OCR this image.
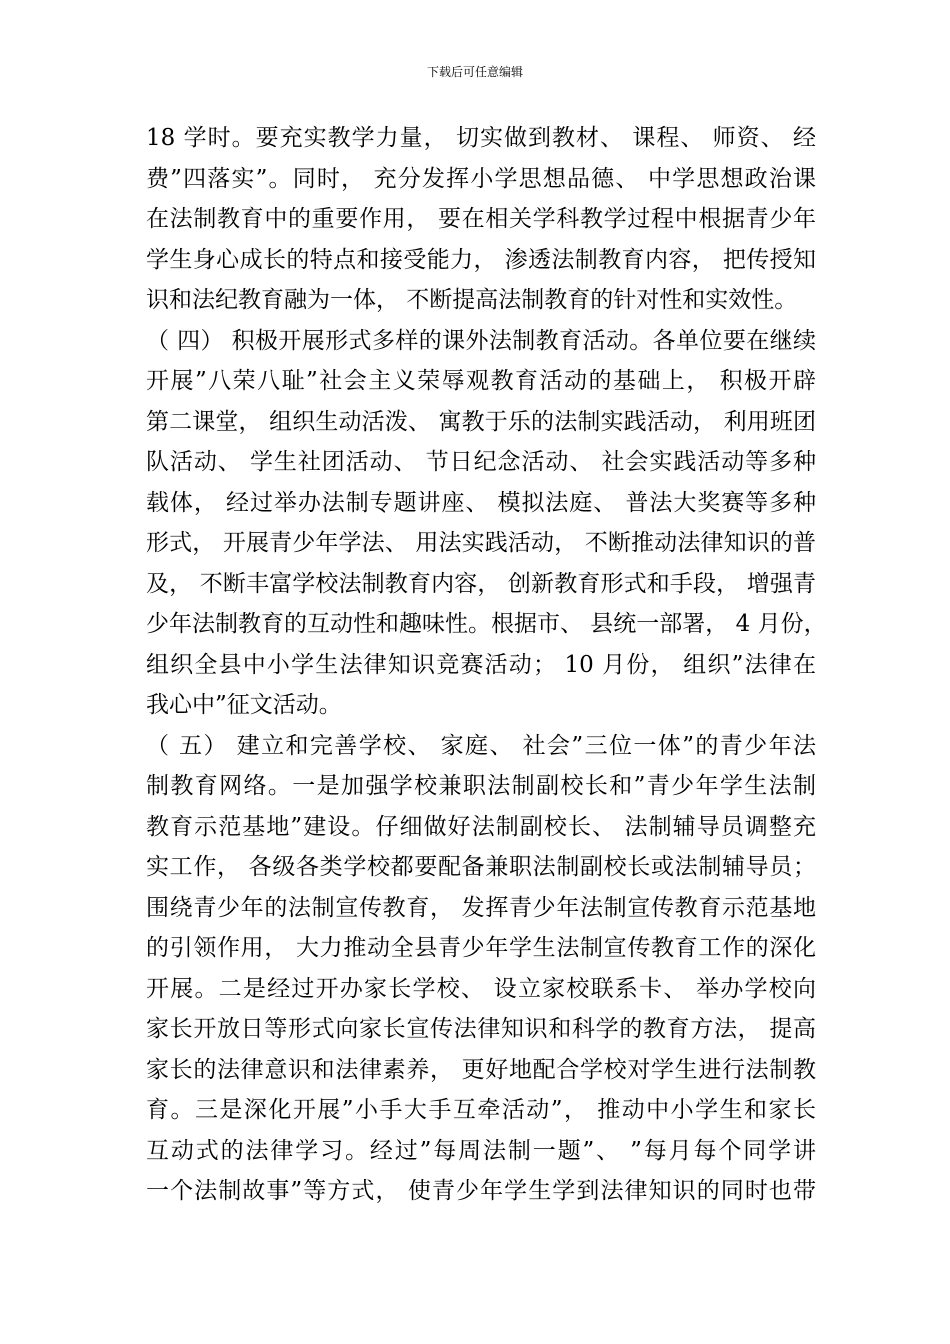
下载后可任意编辑
18 学时。要充实教学力量， 切实做到教材、 课程、 师资、 经
费”四落实”。同时， 充分发挥小学思想品德、 中学思想政治课
在法制教育中的重要作用， 要在相关学科教学过程中根据青少年
学生身心成长的特点和接受能力， 渗透法制教育内容， 把传授知
识和法纪教育融为一体， 不断提高法制教育的针对性和实效性。
（ 四） 积极开展形式多样的课外法制教育活动。各单位要在继续
开展”八荣八耻”社会主义荣辱观教育活动的基础上， 积极开辟
第二课堂， 组织生动活泼、 寓教于乐的法制实践活动， 利用班团
队活动、 学生社团活动、 节日纪念活动、 社会实践活动等多种
载体， 经过举办法制专题讲座、 模拟法庭、 普法大奖赛等多种
形式， 开展青少年学法、 用法实践活动， 不断推动法律知识的普
及， 不断丰富学校法制教育内容， 创新教育形式和手段， 增强青
少年法制教育的互动性和趣味性。根据市、 县统一部署， 4 月份，
组织全县中小学生法律知识竞赛活动； 10 月份， 组织”法律在
我心中”征文活动。
（ 五） 建立和完善学校、 家庭、 社会”三位一体”的青少年法
制教育网络。一是加强学校兼职法制副校长和”青少年学生法制
教育示范基地”建设。仔细做好法制副校长、 法制辅导员调整充
实工作， 各级各类学校都要配备兼职法制副校长或法制辅导员；
围绕青少年的法制宣传教育， 发挥青少年法制宣传教育示范基地
的引领作用， 大力推动全县青少年学生法制宣传教育工作的深化
开展。二是经过开办家长学校、 设立家校联系卡、 举办学校向
家长开放日等形式向家长宣传法律知识和科学的教育方法， 提高
家长的法律意识和法律素养， 更好地配合学校对学生进行法制教
育。三是深化开展”小手大手互牵活动”， 推动中小学生和家长
互动式的法律学习。经过”每周法制一题”、 ”每月每个同学讲
一个法制故事”等方式， 使青少年学生学到法律知识的同时也带
